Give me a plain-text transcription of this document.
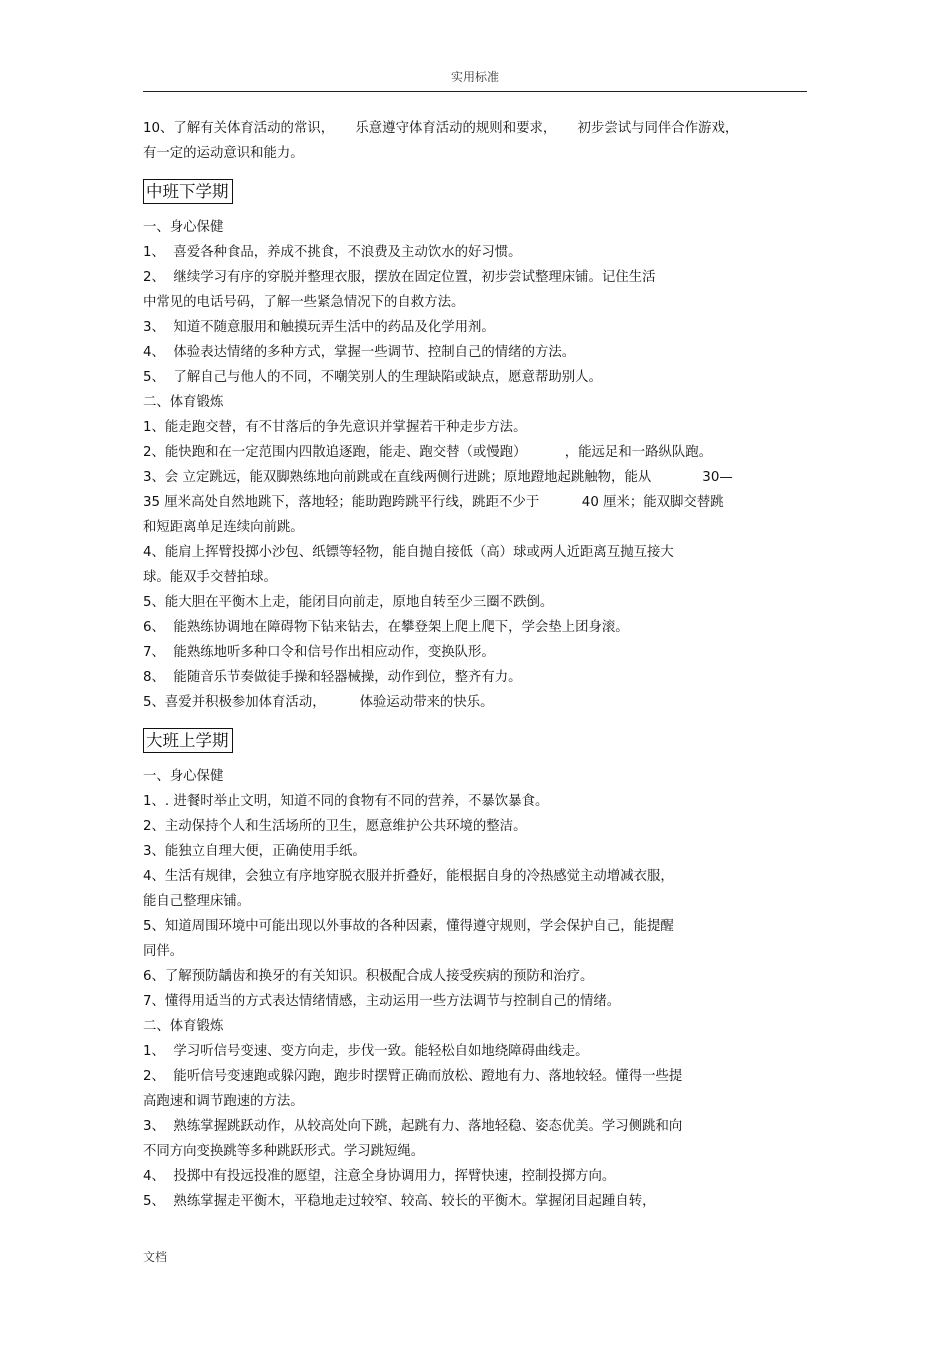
实用标准
10、了解有关体育活动的常识，     乐意遵守体育活动的规则和要求，     初步尝试与同伴合作游戏，
有一定的运动意识和能力。
中班下学期
一、身心保健
1、  喜爱各种食品，养成不挑食，不浪费及主动饮水的好习惯。
2、  继续学习有序的穿脱并整理衣服，摆放在固定位置，初步尝试整理床铺。记住生活
中常见的电话号码，了解一些紧急情况下的自救方法。
3、  知道不随意服用和触摸玩弄生活中的药品及化学用剂。
4、  体验表达情绪的多种方式，掌握一些调节、控制自己的情绪的方法。
5、  了解自己与他人的不同，不嘲笑别人的生理缺陷或缺点，愿意帮助别人。
二、体育锻炼
1、能走跑交替，有不甘落后的争先意识并掌握若干种走步方法。
2、能快跑和在一定范围内四散追逐跑，能走、跑交替（或慢跑）         ，能远足和一路纵队跑。
3、会 立定跳远，能双脚熟练地向前跳或在直线两侧行进跳；原地蹬地起跳触物，能从            30—
35 厘米高处自然地跳下，落地轻；能助跑跨跳平行线，跳距不少于          40 厘米；能双脚交替跳
和短距离单足连续向前跳。
4、能肩上挥臂投掷小沙包、纸镖等轻物，能自抛自接低（高）球或两人近距离互抛互接大
球。能双手交替拍球。
5、能大胆在平衡木上走，能闭目向前走，原地自转至少三圈不跌倒。
6、  能熟练协调地在障碍物下钻来钻去，在攀登架上爬上爬下，学会垫上团身滚。
7、  能熟练地听多种口令和信号作出相应动作，变换队形。
8、  能随音乐节奏做徒手操和轻器械操，动作到位，整齐有力。
5、喜爱并积极参加体育活动，        体验运动带来的快乐。
大班上学期
一、身心保健
1、. 进餐时举止文明，知道不同的食物有不同的营养，不暴饮暴食。
2、主动保持个人和生活场所的卫生，愿意维护公共环境的整洁。
3、能独立自理大便，正确使用手纸。
4、生活有规律，会独立有序地穿脱衣服并折叠好，能根据自身的冷热感觉主动增减衣服，
能自己整理床铺。
5、知道周围环境中可能出现以外事故的各种因素，懂得遵守规则，学会保护自己，能提醒
同伴。
6、了解预防龋齿和换牙的有关知识。积极配合成人接受疾病的预防和治疗。
7、懂得用适当的方式表达情绪情感，主动运用一些方法调节与控制自己的情绪。
二、体育锻炼
1、  学习听信号变速、变方向走，步伐一致。能轻松自如地绕障碍曲线走。
2、  能听信号变速跑或躲闪跑，跑步时摆臂正确而放松、蹬地有力、落地较轻。懂得一些提
高跑速和调节跑速的方法。
3、  熟练掌握跳跃动作，从较高处向下跳，起跳有力、落地轻稳、姿态优美。学习侧跳和向
不同方向变换跳等多种跳跃形式。学习跳短绳。
4、  投掷中有投远投准的愿望，注意全身协调用力，挥臂快速，控制投掷方向。
5、  熟练掌握走平衡木，平稳地走过较窄、较高、较长的平衡木。掌握闭目起踵自转，
文档
